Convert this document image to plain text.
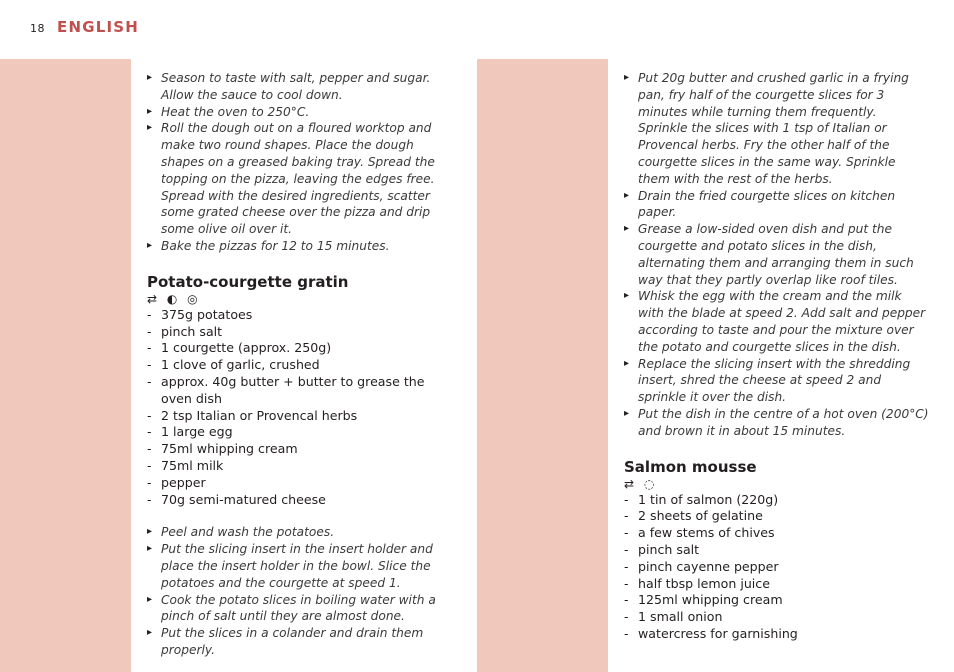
18 ENGLISH
▸ Season to taste with salt, pepper and sugar. Allow the sauce to cool down.
▸ Heat the oven to 250°C.
▸ Roll the dough out on a floured worktop and make two round shapes. Place the dough shapes on a greased baking tray. Spread the topping on the pizza, leaving the edges free. Spread with the desired ingredients, scatter some grated cheese over the pizza and drip some olive oil over it.
▸ Bake the pizzas for 12 to 15 minutes.
Potato-courgette gratin
⇄ ◐ ◎
- 375g potatoes
- pinch salt
- 1 courgette (approx. 250g)
- 1 clove of garlic, crushed
- approx. 40g butter + butter to grease the oven dish
- 2 tsp Italian or Provencal herbs
- 1 large egg
- 75ml whipping cream
- 75ml milk
- pepper
- 70g semi-matured cheese
▸ Peel and wash the potatoes.
▸ Put the slicing insert in the insert holder and place the insert holder in the bowl. Slice the potatoes and the courgette at speed 1.
▸ Cook the potato slices in boiling water with a pinch of salt until they are almost done.
▸ Put the slices in a colander and drain them properly.
▸ Put 20g butter and crushed garlic in a frying pan, fry half of the courgette slices for 3 minutes while turning them frequently. Sprinkle the slices with 1 tsp of Italian or Provencal herbs. Fry the other half of the courgette slices in the same way. Sprinkle them with the rest of the herbs.
▸ Drain the fried courgette slices on kitchen paper.
▸ Grease a low-sided oven dish and put the courgette and potato slices in the dish, alternating them and arranging them in such way that they partly overlap like roof tiles.
▸ Whisk the egg with the cream and the milk with the blade at speed 2. Add salt and pepper according to taste and pour the mixture over the potato and courgette slices in the dish.
▸ Replace the slicing insert with the shredding insert, shred the cheese at speed 2 and sprinkle it over the dish.
▸ Put the dish in the centre of a hot oven (200°C) and brown it in about 15 minutes.
Salmon mousse
⇄ ◌
- 1 tin of salmon (220g)
- 2 sheets of gelatine
- a few stems of chives
- pinch salt
- pinch cayenne pepper
- half tbsp lemon juice
- 125ml whipping cream
- 1 small onion
- watercress for garnishing
